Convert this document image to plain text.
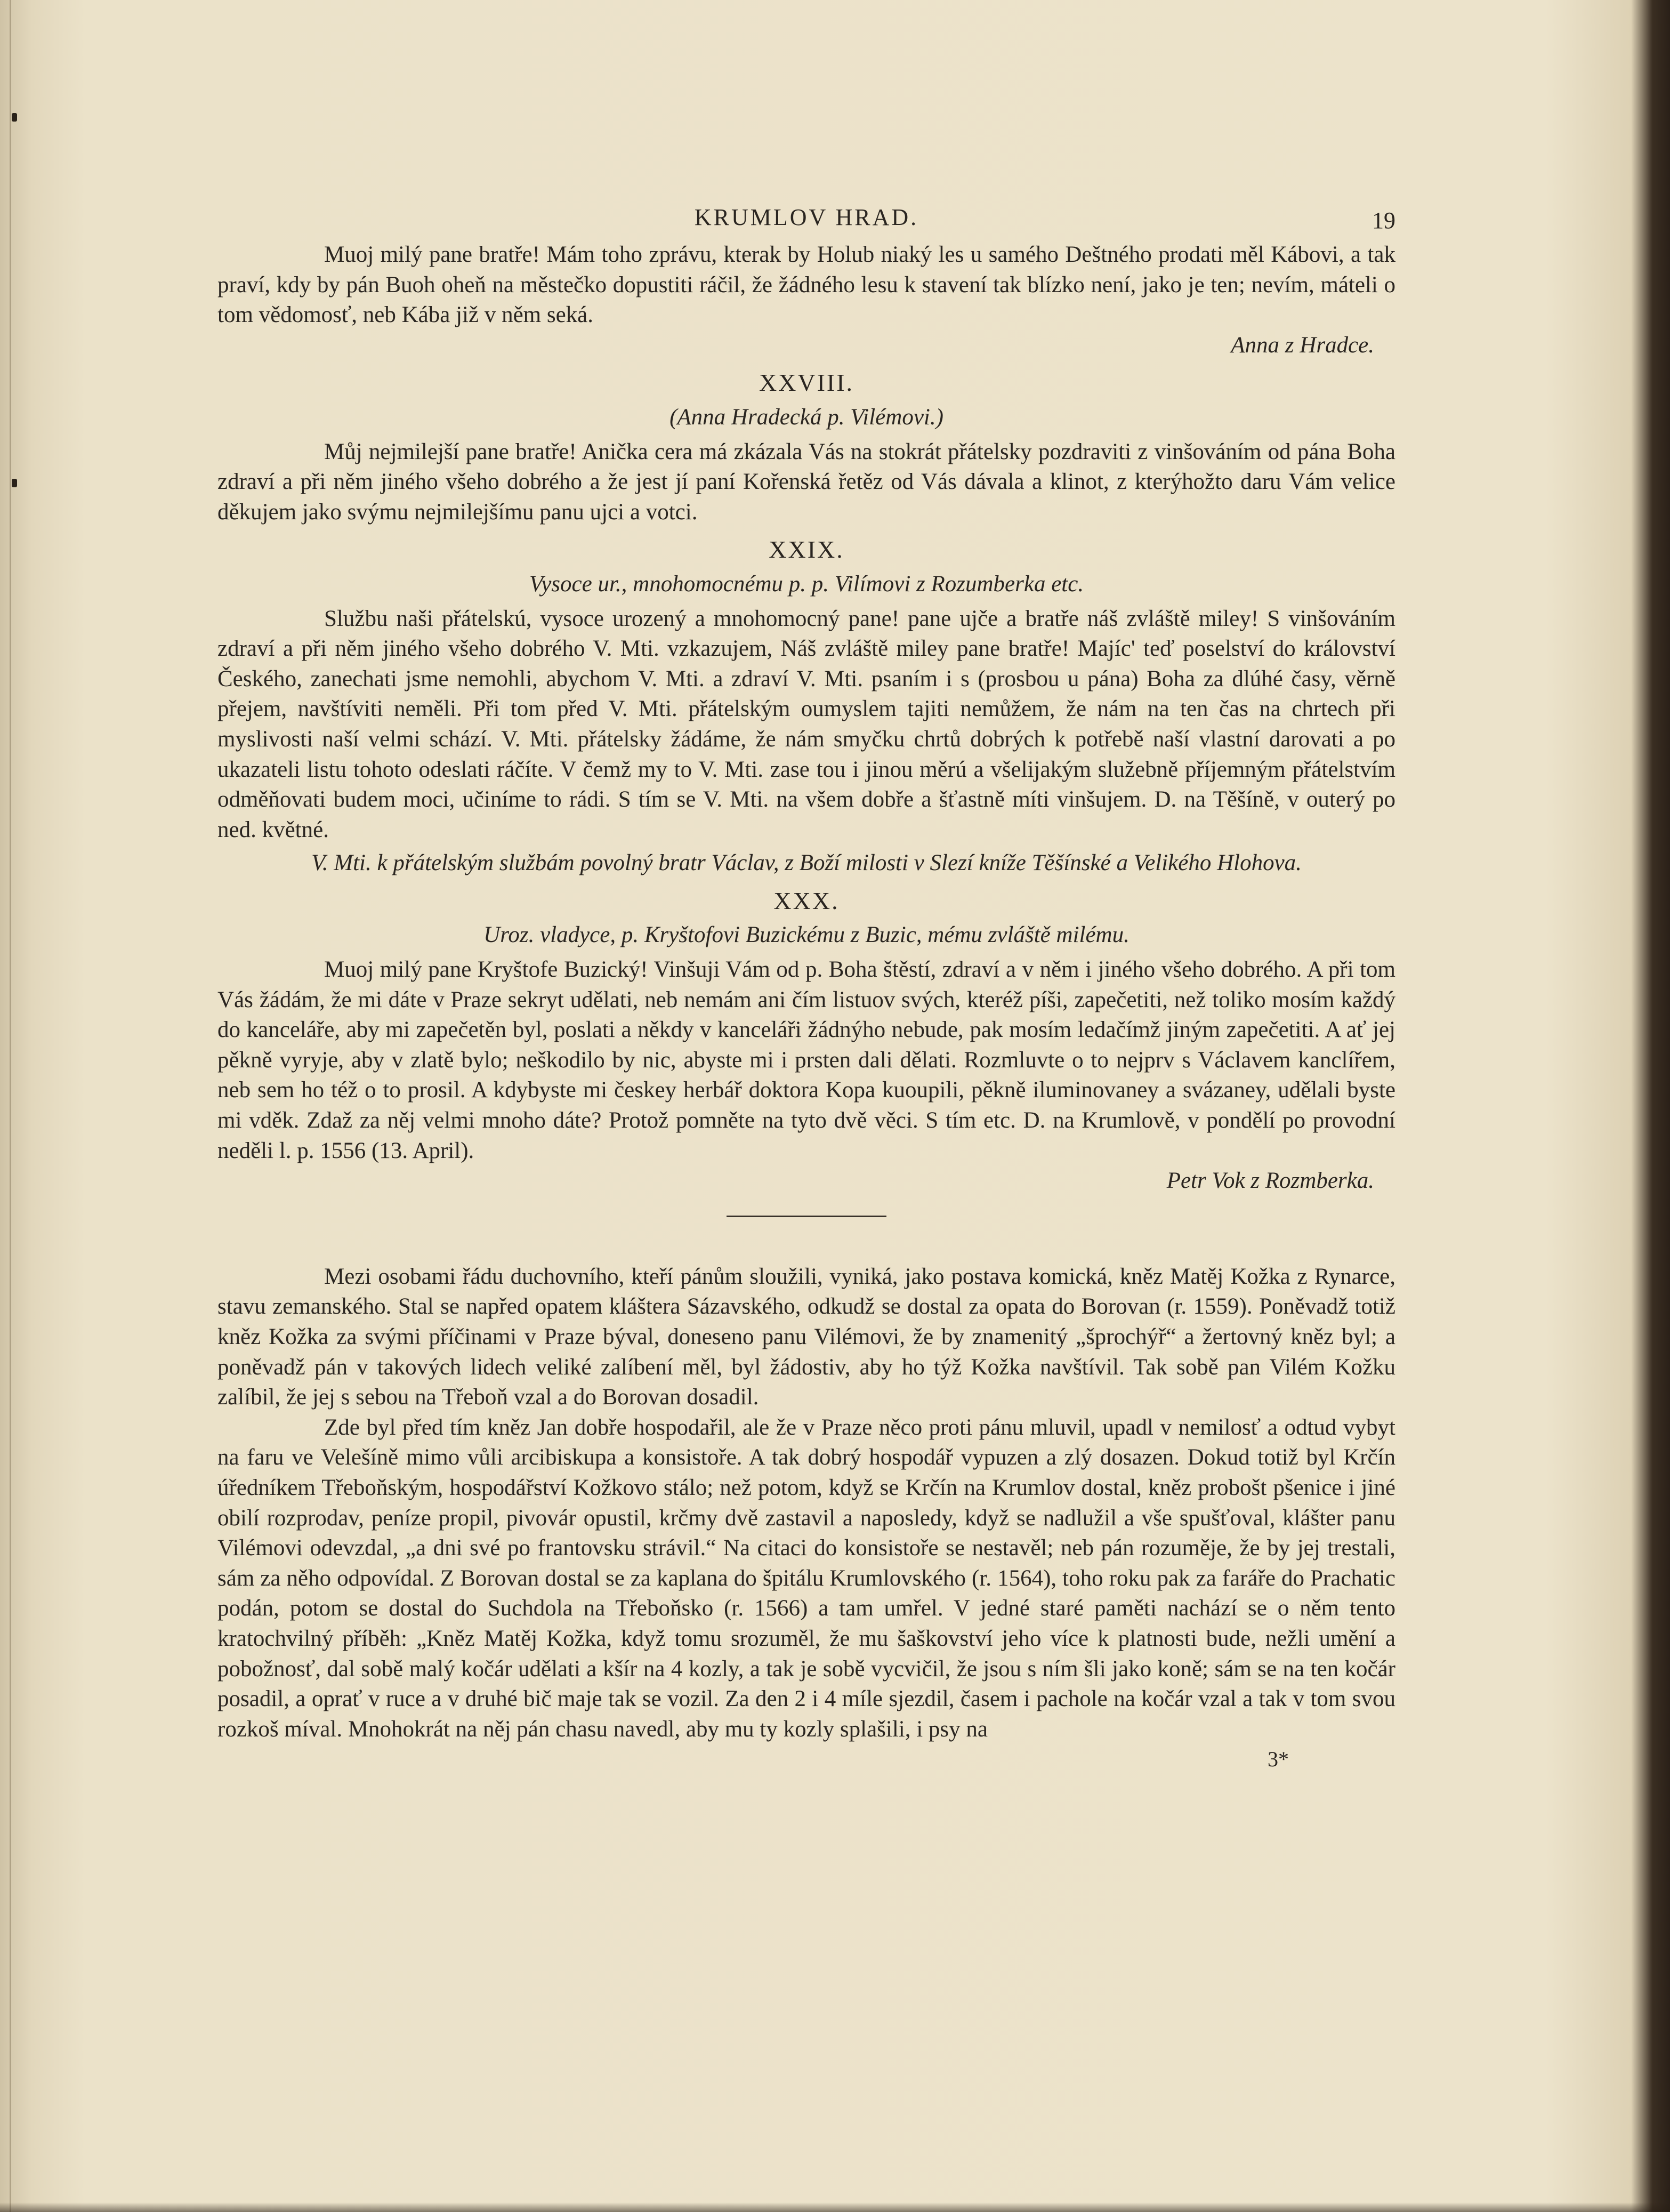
KRUMLOV HRAD.	19

Muoj milý pane bratře! Mám toho zprávu, kterak by Holub niaký les u samého Deštného prodati měl Kábovi, a tak praví, kdy by pán Buoh oheň na městečko dopustiti ráčil, že žádného lesu k stavení tak blízko není, jako je ten; nevím, máteli o tom vědomosť, neb Kába již v něm seká.

Anna z Hradce.
XXVIII.
(Anna Hradecká p. Vilémovi.)

Můj nejmilejší pane bratře! Anička cera má zkázala Vás na stokrát přátelsky pozdraviti z vinšováním od pána Boha zdraví a při něm jiného všeho dobrého a že jest jí paní Kořenská řetěz od Vás dávala a klinot, z kterýhožto daru Vám velice děkujem jako svýmu nejmilejšímu panu ujci a votci.

XXIX.
Vysoce ur., mnohomocnému p. p. Vilímovi z Rozumberka etc.

Službu naši přátelskú, vysoce urozený a mnohomocný pane! pane ujče a bratře náš zvláště miley! S vinšováním zdraví a při něm jiného všeho dobrého V. Mti. vzkazujem, Náš zvláště miley pane bratře! Majíc' teď poselství do království Českého, zanechati jsme nemohli, abychom V. Mti. a zdraví V. Mti. psaním i s (prosbou u pána) Boha za dlúhé časy, věrně přejem, navštíviti neměli. Při tom před V. Mti. přátelským oumyslem tajiti nemůžem, že nám na ten čas na chrtech při myslivosti naší velmi schází. V. Mti. přátelsky žádáme, že nám smyčku chrtů dobrých k potřebě naší vlastní darovati a po ukazateli listu tohoto odeslati ráčíte. V čemž my to V. Mti. zase tou i jinou měrú a všelijakým služebně příjemným přátelstvím odměňovati budem moci, učiníme to rádi. S tím se V. Mti. na všem dobře a šťastně míti vinšujem. D. na Těšíně, v outerý po ned. květné.

V. Mti. k přátelským službám povolný bratr Václav, z Boží milosti v Slezí kníže Těšínské a Velikého Hlohova.
XXX.
Uroz. vladyce, p. Kryštofovi Buzickému z Buzic, mému zvláště milému.

Muoj milý pane Kryštofe Buzický! Vinšuji Vám od p. Boha štěstí, zdraví a v něm i jiného všeho dobrého. A při tom Vás žádám, že mi dáte v Praze sekryt udělati, neb nemám ani čím listuov svých, kteréž píši, zapečetiti, než toliko mosím každý do kanceláře, aby mi zapečetěn byl, poslati a někdy v kanceláři žádnýho nebude, pak mosím ledačímž jiným zapečetiti. A ať jej pěkně vyryje, aby v zlatě bylo; neškodilo by nic, abyste mi i prsten dali dělati. Rozmluvte o to nejprv s Václavem kanclířem, neb sem ho též o to prosil. A kdybyste mi českey herbář doktora Kopa kuoupili, pěkně iluminovaney a svázaney, udělali byste mi vděk. Zdaž za něj velmi mnoho dáte? Protož pomněte na tyto dvě věci. S tím etc. D. na Krumlově, v pondělí po provodní neděli l. p. 1556 (13. April).

Petr Vok z Rozmberka.

Mezi osobami řádu duchovního, kteří pánům sloužili, vyniká, jako postava komická, kněz Matěj Kožka z Rynarce, stavu zemanského. Stal se napřed opatem kláštera Sázavského, odkudž se dostal za opata do Borovan (r. 1559). Poněvadž totiž kněz Kožka za svými příčinami v Praze býval, doneseno panu Vilémovi, že by znamenitý „šprochýř“ a žertovný kněz byl; a poněvadž pán v takových lidech veliké zalíbení měl, byl žádostiv, aby ho týž Kožka navštívil. Tak sobě pan Vilém Kožku zalíbil, že jej s sebou na Třeboň vzal a do Borovan dosadil.

Zde byl před tím kněz Jan dobře hospodařil, ale že v Praze něco proti pánu mluvil, upadl v nemilosť a odtud vybyt na faru ve Velešíně mimo vůli arcibiskupa a konsistoře. A tak dobrý hospodář vypuzen a zlý dosazen. Dokud totiž byl Krčín úředníkem Třeboňským, hospodářství Kožkovo stálo; než potom, když se Krčín na Krumlov dostal, kněz probošt pšenice i jiné obilí rozprodav, peníze propil, pivovár opustil, krčmy dvě zastavil a naposledy, když se nadlužil a vše spušťoval, klášter panu Vilémovi odevzdal, „a dni své po frantovsku strávil.“ Na citaci do konsistoře se nestavěl; neb pán rozuměje, že by jej trestali, sám za něho odpovídal. Z Borovan dostal se za kaplana do špitálu Krumlovského (r. 1564), toho roku pak za faráře do Prachatic podán, potom se dostal do Suchdola na Třeboňsko (r. 1566) a tam umřel. V jedné staré paměti nachází se o něm tento kratochvilný příběh: „Kněz Matěj Kožka, když tomu srozuměl, že mu šaškovství jeho více k platnosti bude, nežli umění a pobožnosť, dal sobě malý kočár udělati a kšír na 4 kozly, a tak je sobě vycvičil, že jsou s ním šli jako koně; sám se na ten kočár posadil, a oprať v ruce a v druhé bič maje tak se vozil. Za den 2 i 4 míle sjezdil, časem i pachole na kočár vzal a tak v tom svou rozkoš míval. Mnohokrát na něj pán chasu navedl, aby mu ty kozly splašili, i psy na

3*
